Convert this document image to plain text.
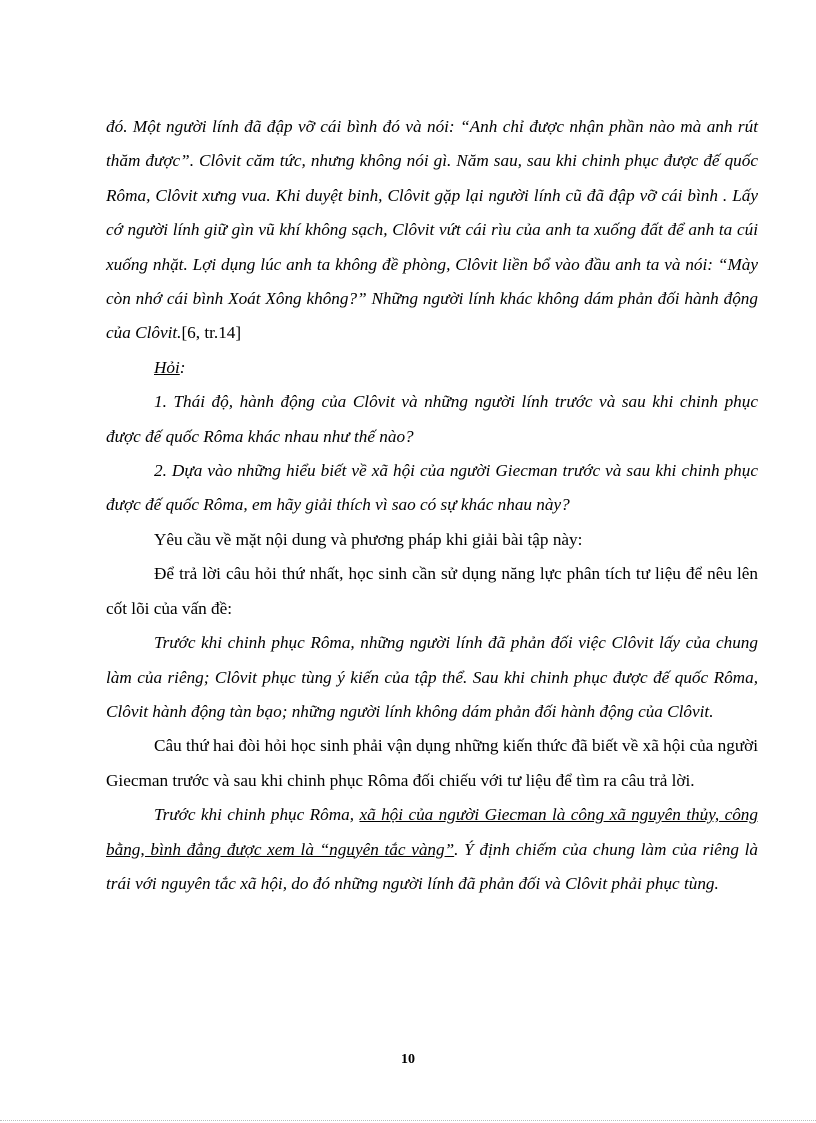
đó. Một người lính đã đập vỡ cái bình đó và nói: “Anh chỉ được nhận phần nào mà anh rút thăm được”. Clôvit căm tức, nhưng không nói gì. Năm sau, sau khi chinh phục được đế quốc Rôma, Clôvit xưng vua. Khi duyệt binh, Clôvit gặp lại người lính cũ đã đập vỡ cái bình . Lấy cớ người lính giữ gìn vũ khí không sạch, Clôvit vứt cái rìu của anh ta xuống đất để anh ta cúi xuống nhặt. Lợi dụng lúc anh ta không đề phòng, Clôvit liền bổ vào đầu anh ta và nói: “Mày còn nhớ cái bình Xoát Xông không?” Những người lính khác không dám phản đối hành động của Clôvit.[6, tr.14]

Hỏi:

1. Thái độ, hành động của Clôvit và những người lính trước và sau khi chinh phục được đế quốc Rôma khác nhau như thế nào?

2. Dựa vào những hiểu biết về xã hội của người Giecman trước và sau khi chinh phục được đế quốc Rôma, em hãy giải thích vì sao có sự khác nhau này?

Yêu cầu về mặt nội dung và phương pháp khi giải bài tập này:

Để trả lời câu hỏi thứ nhất, học sinh cần sử dụng năng lực phân tích tư liệu để nêu lên cốt lõi của vấn đề:

Trước khi chinh phục Rôma, những người lính đã phản đối việc Clôvit lấy của chung làm của riêng; Clôvit phục tùng ý kiến của tập thể. Sau khi chinh phục được đế quốc Rôma, Clôvit hành động tàn bạo; những người lính không dám phản đối hành động của Clôvit.

Câu thứ hai đòi hỏi học sinh phải vận dụng những kiến thức đã biết về xã hội của người Giecman trước và sau khi chinh phục Rôma đối chiếu với tư liệu để tìm ra câu trả lời.

Trước khi chinh phục Rôma, xã hội của người Giecman là công xã nguyên thủy, công bằng, bình đẳng được xem là “nguyên tắc vàng”. Ý định chiếm của chung làm của riêng là trái với nguyên tắc xã hội, do đó những người lính đã phản đối và Clôvit phải phục tùng.

10
